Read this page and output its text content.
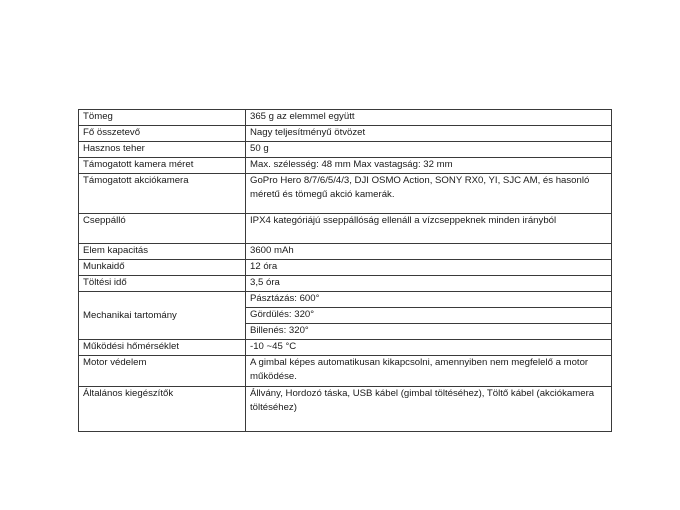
Tömeg	365 g az elemmel együtt
Fő összetevő	Nagy teljesítményű ötvözet
Hasznos teher	50 g
Támogatott kamera méret	Max. szélesség: 48 mm Max vastagság: 32 mm
Támogatott akciókamera	GoPro Hero 8/7/6/5/4/3, DJI OSMO Action, SONY RX0, YI, SJC AM, és hasonló méretű és tömegű akció kamerák.
Cseppálló	IPX4 kategóriájú sseppállóság ellenáll a vízcseppeknek minden irányból
Elem kapacitás	3600 mAh
Munkaidő	12 óra
Töltési idő	3,5 óra
Mechanikai tartomány	Pásztázás: 600°
	Gördülés: 320°
	Billenés: 320°
Működési hőmérséklet	-10 ~45 °C
Motor védelem	A gimbal képes automatikusan kikapcsolni, amennyiben nem megfelelő a motor működése.
Általános kiegészítők	Állvány, Hordozó táska, USB kábel (gimbal töltéséhez), Töltő kábel (akciókamera töltéséhez)
